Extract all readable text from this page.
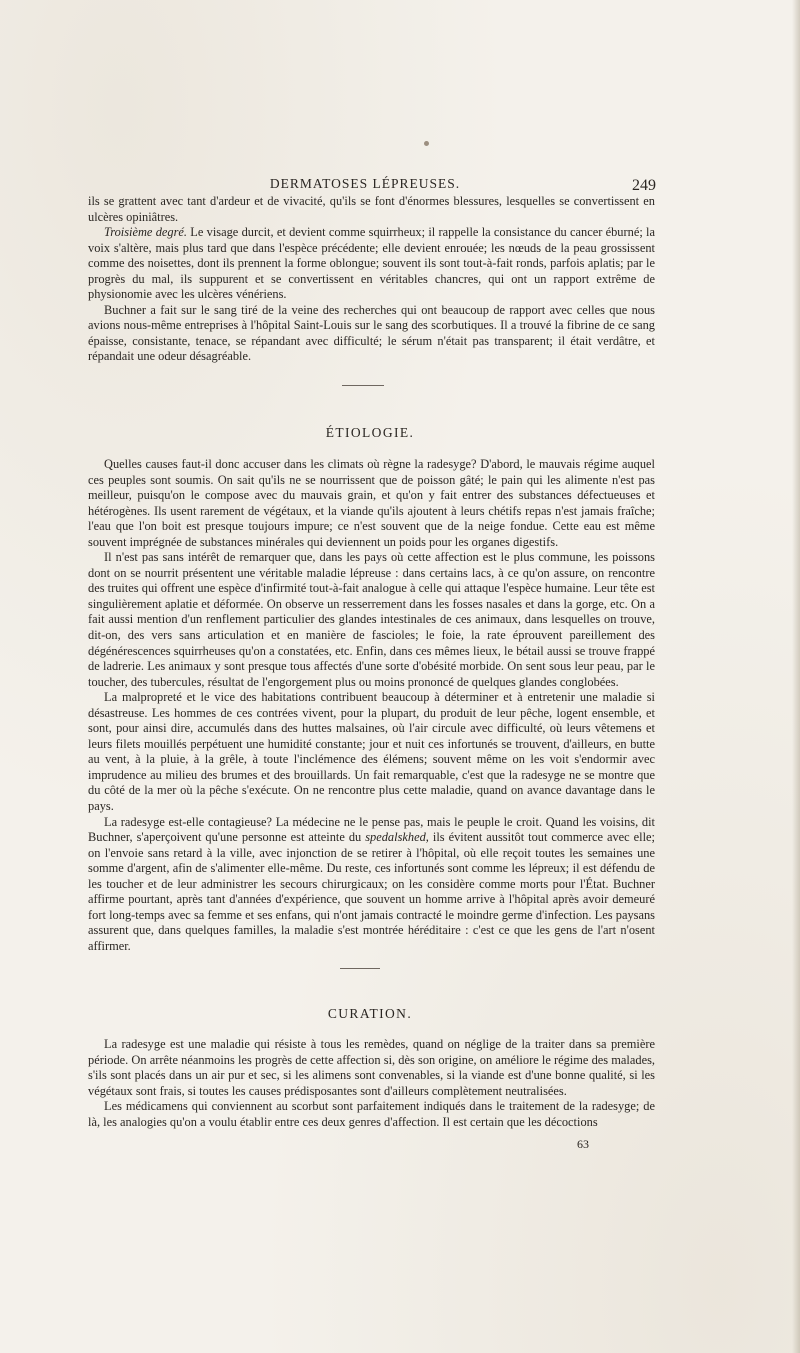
DERMATOSES LÉPREUSES.	249

ils se grattent avec tant d'ardeur et de vivacité, qu'ils se font d'énormes blessures, lesquelles se convertissent en ulcères opiniâtres.

Troisième degré. Le visage durcit, et devient comme squirrheux; il rappelle la consistance du cancer éburné; la voix s'altère, mais plus tard que dans l'espèce précédente; elle devient enrouée; les nœuds de la peau grossissent comme des noisettes, dont ils prennent la forme oblongue; souvent ils sont tout-à-fait ronds, parfois aplatis; par le progrès du mal, ils suppurent et se convertissent en véritables chancres, qui ont un rapport extrême de physionomie avec les ulcères vénériens.

Buchner a fait sur le sang tiré de la veine des recherches qui ont beaucoup de rapport avec celles que nous avions nous-même entreprises à l'hôpital Saint-Louis sur le sang des scorbutiques. Il a trouvé la fibrine de ce sang épaisse, consistante, tenace, se répandant avec difficulté; le sérum n'était pas transparent; il était verdâtre, et répandait une odeur désagréable.

ÉTIOLOGIE.

Quelles causes faut-il donc accuser dans les climats où règne la radesyge? D'abord, le mauvais régime auquel ces peuples sont soumis. On sait qu'ils ne se nourrissent que de poisson gâté; le pain qui les alimente n'est pas meilleur, puisqu'on le compose avec du mauvais grain, et qu'on y fait entrer des substances défectueuses et hétérogènes. Ils usent rarement de végétaux, et la viande qu'ils ajoutent à leurs chétifs repas n'est jamais fraîche; l'eau que l'on boit est presque toujours impure; ce n'est souvent que de la neige fondue. Cette eau est même souvent imprégnée de substances minérales qui deviennent un poids pour les organes digestifs.

Il n'est pas sans intérêt de remarquer que, dans les pays où cette affection est le plus commune, les poissons dont on se nourrit présentent une véritable maladie lépreuse : dans certains lacs, à ce qu'on assure, on rencontre des truites qui offrent une espèce d'infirmité tout-à-fait analogue à celle qui attaque l'espèce humaine. Leur tête est singulièrement aplatie et déformée. On observe un resserrement dans les fosses nasales et dans la gorge, etc. On a fait aussi mention d'un renflement particulier des glandes intestinales de ces animaux, dans lesquelles on trouve, dit-on, des vers sans articulation et en manière de fascioles; le foie, la rate éprouvent pareillement des dégénérescences squirrheuses qu'on a constatées, etc. Enfin, dans ces mêmes lieux, le bétail aussi se trouve frappé de ladrerie. Les animaux y sont presque tous affectés d'une sorte d'obésité morbide. On sent sous leur peau, par le toucher, des tubercules, résultat de l'engorgement plus ou moins prononcé de quelques glandes conglobées.

La malpropreté et le vice des habitations contribuent beaucoup à déterminer et à entretenir une maladie si désastreuse. Les hommes de ces contrées vivent, pour la plupart, du produit de leur pêche, logent ensemble, et sont, pour ainsi dire, accumulés dans des huttes malsaines, où l'air circule avec difficulté, où leurs vêtemens et leurs filets mouillés perpétuent une humidité constante; jour et nuit ces infortunés se trouvent, d'ailleurs, en butte au vent, à la pluie, à la grêle, à toute l'inclémence des élémens; souvent même on les voit s'endormir avec imprudence au milieu des brumes et des brouillards. Un fait remarquable, c'est que la radesyge ne se montre que du côté de la mer où la pêche s'exécute. On ne rencontre plus cette maladie, quand on avance davantage dans le pays.

La radesyge est-elle contagieuse? La médecine ne le pense pas, mais le peuple le croit. Quand les voisins, dit Buchner, s'aperçoivent qu'une personne est atteinte du spedalskhed, ils évitent aussitôt tout commerce avec elle; on l'envoie sans retard à la ville, avec injonction de se retirer à l'hôpital, où elle reçoit toutes les semaines une somme d'argent, afin de s'alimenter elle-même. Du reste, ces infortunés sont comme les lépreux; il est défendu de les toucher et de leur administrer les secours chirurgicaux; on les considère comme morts pour l'État. Buchner affirme pourtant, après tant d'années d'expérience, que souvent un homme arrive à l'hôpital après avoir demeuré fort long-temps avec sa femme et ses enfans, qui n'ont jamais contracté le moindre germe d'infection. Les paysans assurent que, dans quelques familles, la maladie s'est montrée héréditaire : c'est ce que les gens de l'art n'osent affirmer.

CURATION.

La radesyge est une maladie qui résiste à tous les remèdes, quand on néglige de la traiter dans sa première période. On arrête néanmoins les progrès de cette affection si, dès son origine, on améliore le régime des malades, s'ils sont placés dans un air pur et sec, si les alimens sont convenables, si la viande est d'une bonne qualité, si les végétaux sont frais, si toutes les causes prédisposantes sont d'ailleurs complètement neutralisées.

Les médicamens qui conviennent au scorbut sont parfaitement indiqués dans le traitement de la radesyge; de là, les analogies qu'on a voulu établir entre ces deux genres d'affection. Il est certain que les décoctions

63
